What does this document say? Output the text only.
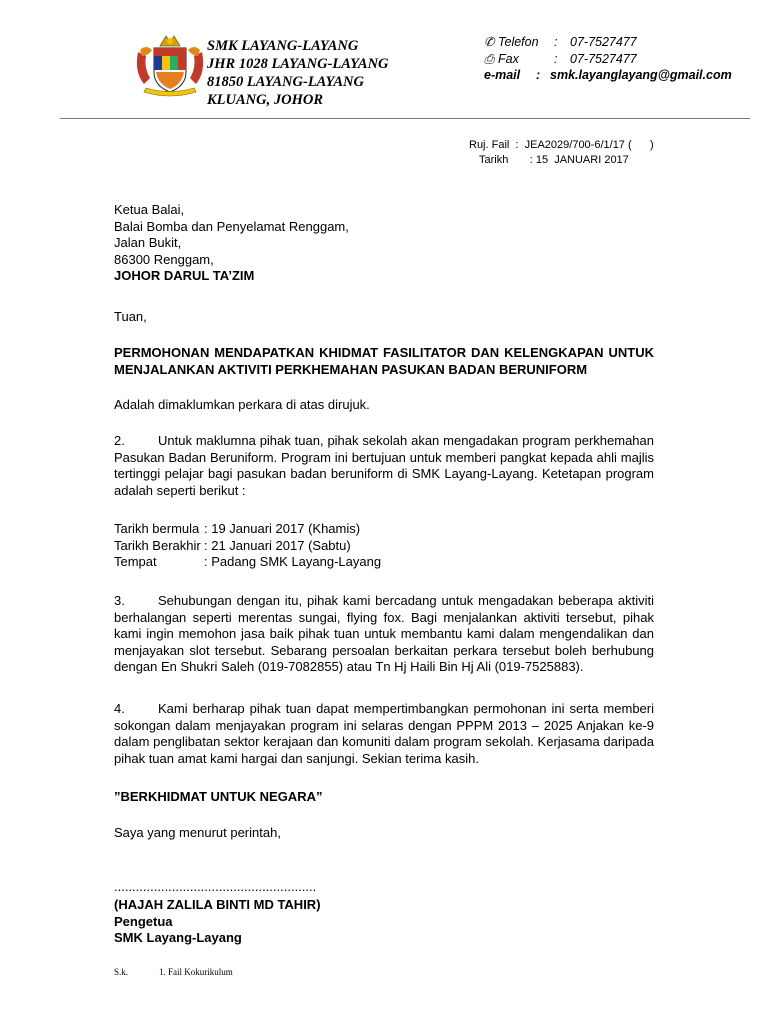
SMK LAYANG-LAYANG
JHR 1028 LAYANG-LAYANG
81850 LAYANG-LAYANG
KLUANG, JOHOR
✆ Telefon	:	07-7527477
⎙ Fax	:	07-7527477
e-mail	: smk.layanglayang@gmail.com
Ruj. Fail  :  JEA2029/700-6/1/17 (      )
Tarikh       : 15  JANUARI 2017
Ketua Balai,
Balai Bomba dan Penyelamat Renggam,
Jalan Bukit,
86300 Renggam,
JOHOR DARUL TA’ZIM
Tuan,

PERMOHONAN MENDAPATKAN KHIDMAT FASILITATOR DAN KELENGKAPAN UNTUK MENJALANKAN AKTIVITI PERKHEMAHAN PASUKAN BADAN BERUNIFORM

Adalah dimaklumkan perkara di atas dirujuk.

2.	Untuk maklumna pihak tuan, pihak sekolah akan mengadakan program perkhemahan Pasukan Badan Beruniform. Program ini bertujuan untuk memberi pangkat kepada ahli majlis tertinggi pelajar bagi pasukan badan beruniform di SMK Layang-Layang. Ketetapan program adalah seperti berikut :

Tarikh bermula : 19 Januari 2017 (Khamis)
Tarikh Berakhir : 21 Januari 2017 (Sabtu)
Tempat	: Padang SMK Layang-Layang

3.	Sehubungan dengan itu, pihak kami bercadang untuk mengadakan beberapa aktiviti berhalangan seperti merentas sungai, flying fox. Bagi menjalankan aktiviti tersebut, pihak kami ingin memohon jasa baik pihak tuan untuk membantu kami dalam mengendalikan dan menjayakan slot tersebut. Sebarang persoalan berkaitan perkara tersebut boleh berhubung dengan En Shukri Saleh (019-7082855) atau Tn Hj Haili Bin Hj Ali (019-7525883).

4.	Kami berharap pihak tuan dapat mempertimbangkan permohonan ini serta memberi sokongan dalam menjayakan program ini selaras dengan PPPM 2013 – 2025 Anjakan ke-9 dalam penglibatan sektor kerajaan dan komuniti dalam program sekolah. Kerjasama daripada pihak tuan amat kami hargai dan sanjungi. Sekian terima kasih.

”BERKHIDMAT UNTUK NEGARA”
Saya yang menurut perintah,
........................................................
(HAJAH ZALILA BINTI MD TAHIR)
Pengetua
SMK Layang-Layang
S.k.	1. Fail Kokurikulum
